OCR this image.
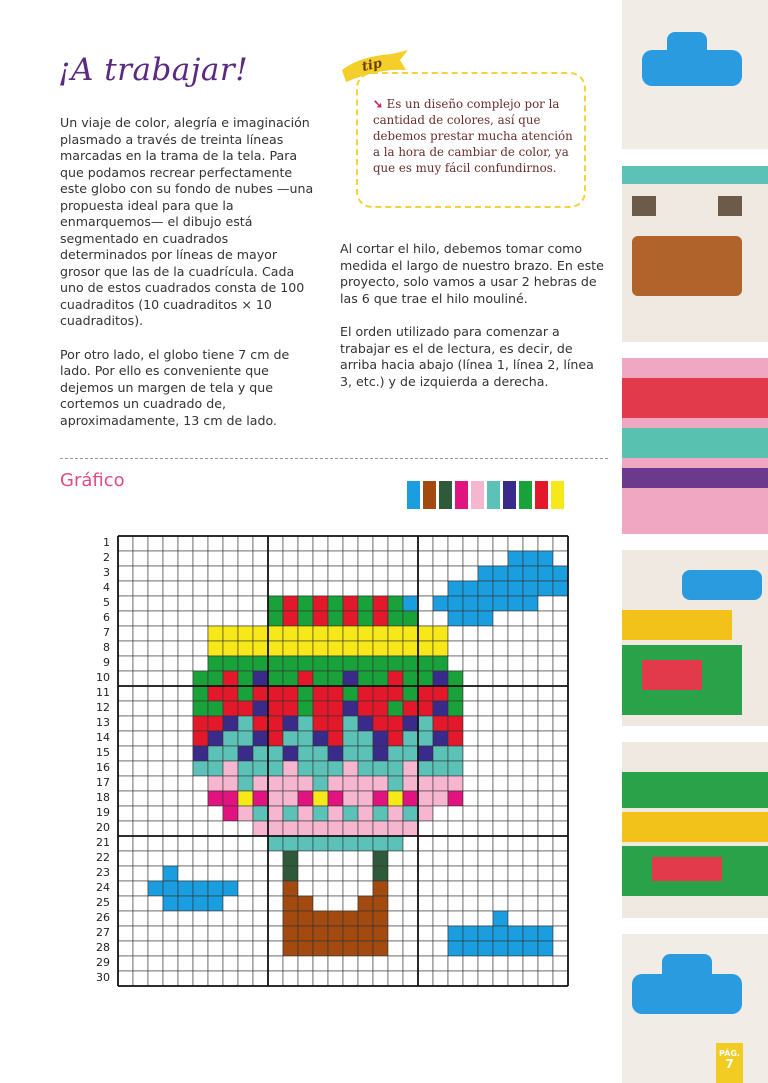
¡A trabajar!

Un viaje de color, alegría e imaginación plasmado a través de treinta líneas marcadas en la trama de la tela. Para que podamos recrear perfectamente este globo con su fondo de nubes —una propuesta ideal para que la enmarquemos— el dibujo está segmentado en cuadrados determinados por líneas de mayor grosor que las de la cuadrícula. Cada uno de estos cuadrados consta de 100 cuadraditos (10 cuadraditos × 10 cuadraditos).

Por otro lado, el globo tiene 7 cm de lado. Por ello es conveniente que dejemos un margen de tela y que cortemos un cuadrado de, aproximadamente, 13 cm de lado.

tip
➘ Es un diseño complejo por la cantidad de colores, así que debemos prestar mucha atención a la hora de cambiar de color, ya que es muy fácil confundirnos.

Al cortar el hilo, debemos tomar como medida el largo de nuestro brazo. En este proyecto, solo vamos a usar 2 hebras de las 6 que trae el hilo mouliné.

El orden utilizado para comenzar a trabajar es el de lectura, es decir, de arriba hacia abajo (línea 1, línea 2, línea 3, etc.) y de izquierda a derecha.

Gráfico
1
2
3
4
5
6
7
8
9
10
11
12
13
14
15
16
17
18
19
20
21
22
23
24
25
26
27
28
29
30
PÁG.
7
